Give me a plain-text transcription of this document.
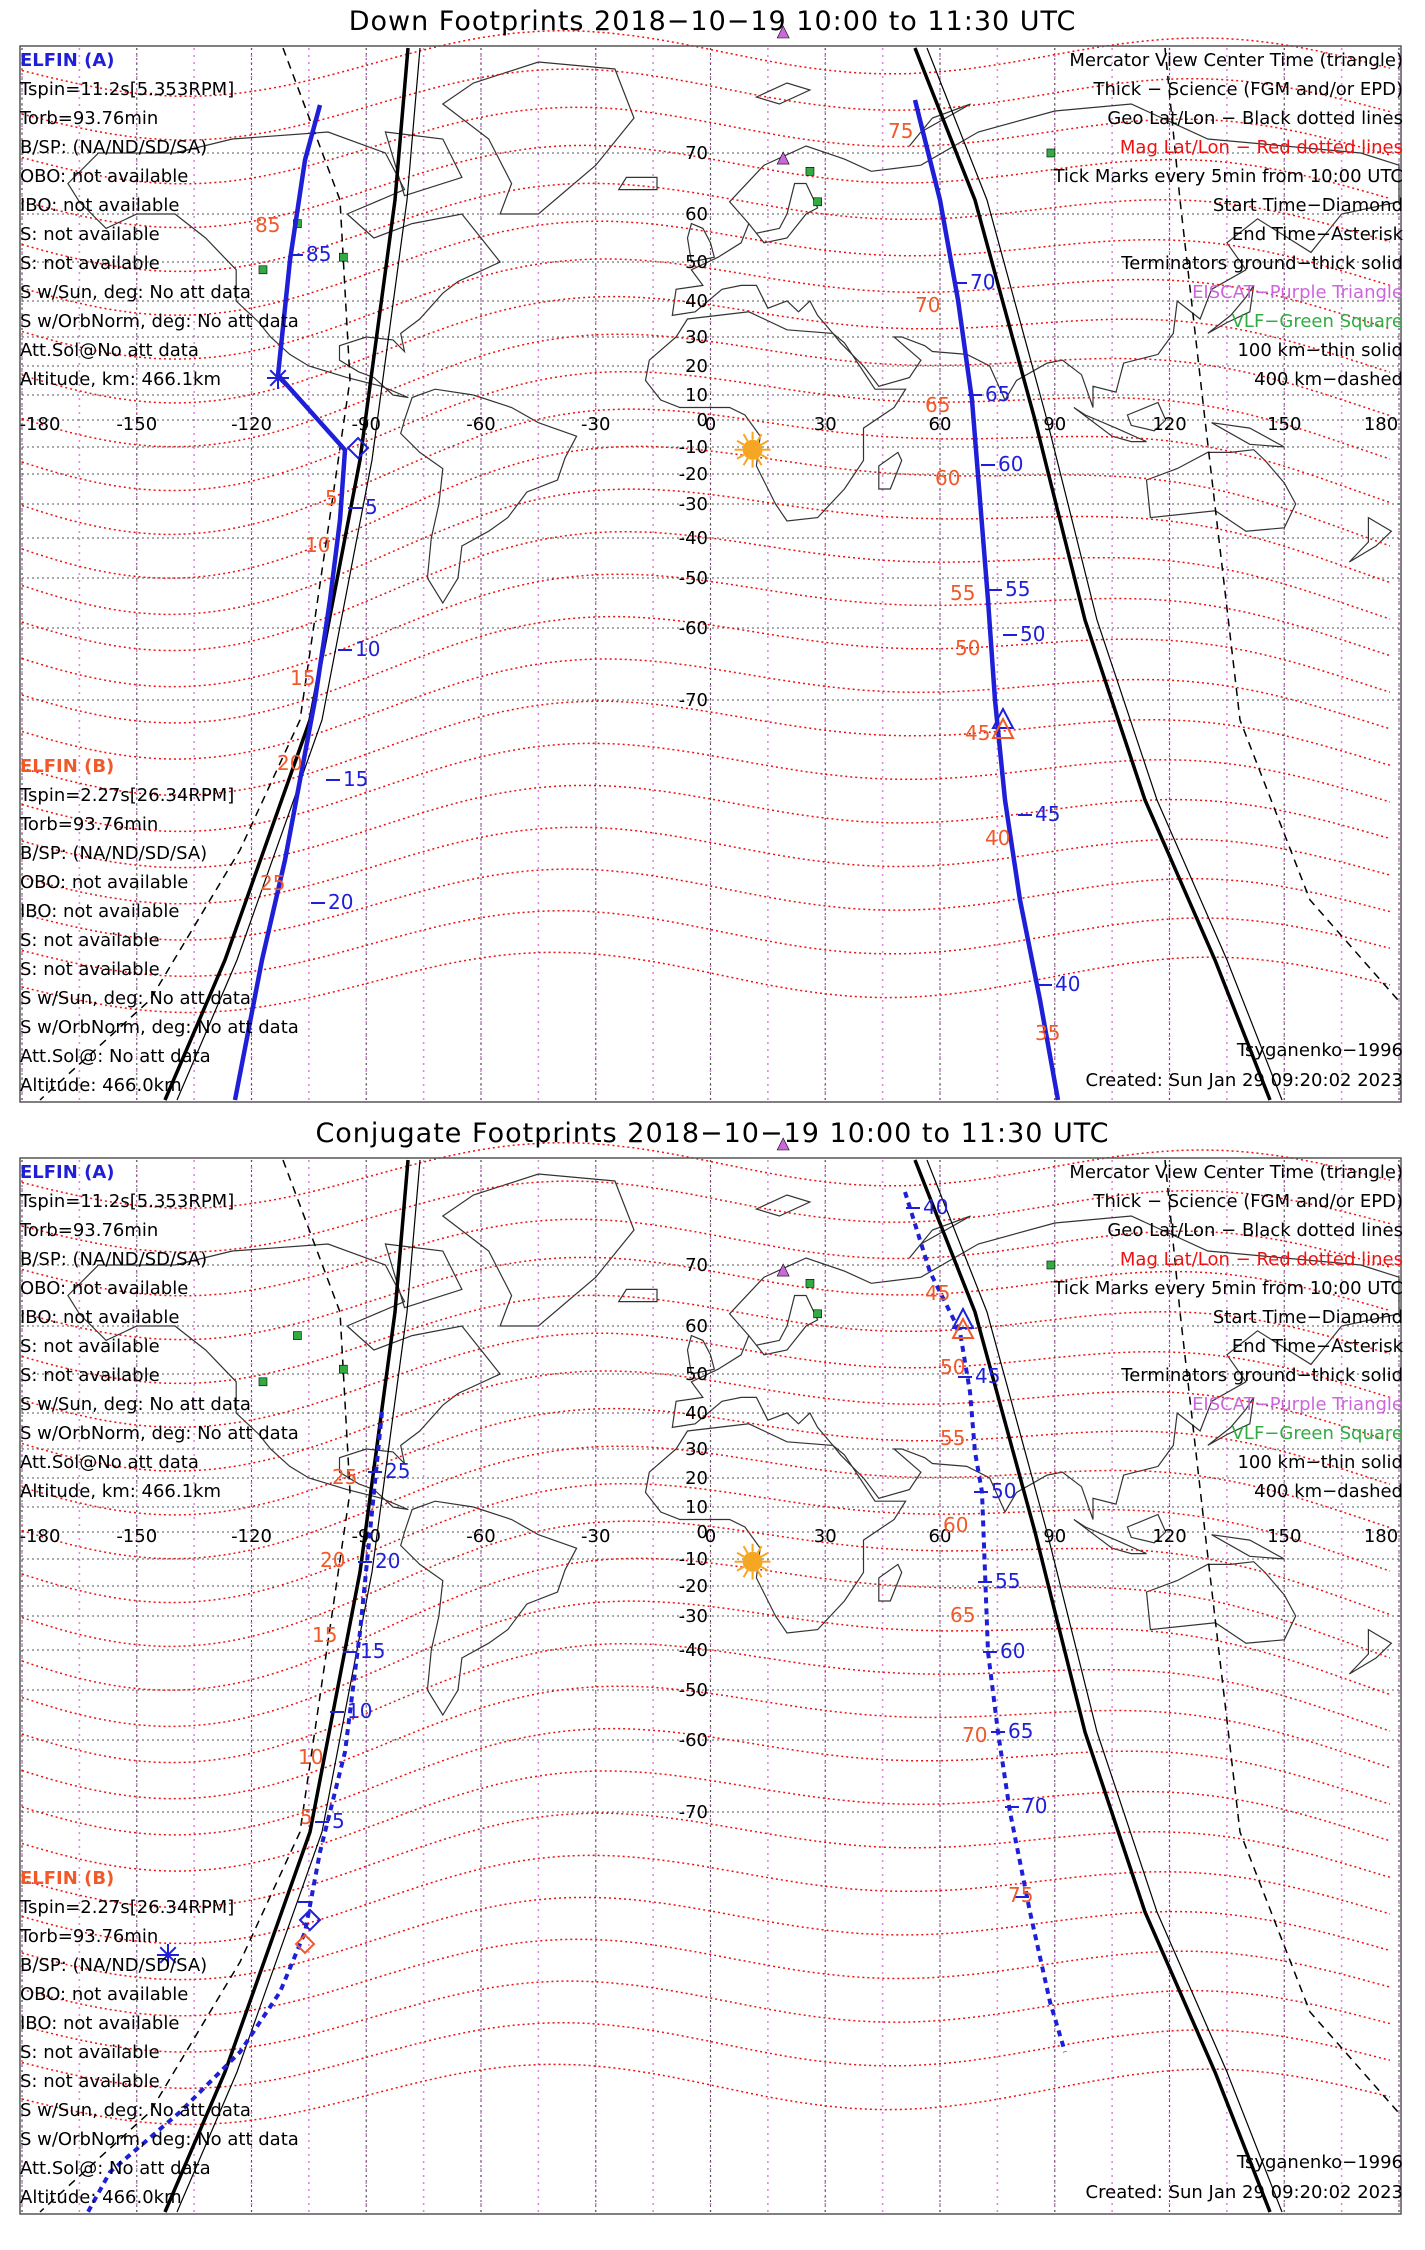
-180	-150	-120	-90	-60	-30	0	30	60	90	120	150	180
70
60
50
40
30
20
10
0
-10
-20
-30
-40
-50
-60
-70
85
5
10
15
20
85
5
10
15
20
25
70
65
60
55
50
45
40
75
70
65
60
55
50
45
40
35
Down Footprints 2018−10−19 10:00 to 11:30 UTC
ELFIN (A)
Tspin=11.2s[5.353RPM]
Torb=93.76min
B/SP: (NA/ND/SD/SA)
OBO: not available
IBO: not available
S: not available
S: not available
S w/Sun, deg: No att data
S w/OrbNorm, deg: No att data
Att.Sol@No att data
Altitude, km: 466.1km
ELFIN (B)
Tspin=2.27s[26.34RPM]
Torb=93.76min
B/SP: (NA/ND/SD/SA)
OBO: not available
IBO: not available
S: not available
S: not available
S w/Sun, deg: No att data
S w/OrbNorm, deg: No att data
Att.Sol@: No att data
Altitude: 466.0km
Mercator View Center Time (triangle)
Thick − Science (FGM and/or EPD)
Geo Lat/Lon − Black dotted lines
Mag Lat/Lon − Red dotted lines
Tick Marks every 5min from 10:00 UTC
Start Time−Diamond
End Time−Asterisk
Terminators ground−thick solid
EISCAT−Purple Triangle
VLF−Green Square
100 km−thin solid
400 km−dashed
Tsyganenko−1996
Created: Sun Jan 29 09:20:02 2023
-180	-150	-120	-90	-60	-30	0	30	60	90	120	150	180
70
60
50
40
30
20
10
0
-10
-20
-30
-40
-50
-60
-70
25
20
15
10
5
25
20
15
10
5
40
45
50
55
60
65
70
45
50
55
60
65
70
75
Conjugate Footprints 2018−10−19 10:00 to 11:30 UTC
ELFIN (A)
Tspin=11.2s[5.353RPM]
Torb=93.76min
B/SP: (NA/ND/SD/SA)
OBO: not available
IBO: not available
S: not available
S: not available
S w/Sun, deg: No att data
S w/OrbNorm, deg: No att data
Att.Sol@No att data
Altitude, km: 466.1km
ELFIN (B)
Tspin=2.27s[26.34RPM]
Torb=93.76min
B/SP: (NA/ND/SD/SA)
OBO: not available
IBO: not available
S: not available
S: not available
S w/Sun, deg: No att data
S w/OrbNorm, deg: No att data
Att.Sol@: No att data
Altitude: 466.0km
Mercator View Center Time (triangle)
Thick − Science (FGM and/or EPD)
Geo Lat/Lon − Black dotted lines
Mag Lat/Lon − Red dotted lines
Tick Marks every 5min from 10:00 UTC
Start Time−Diamond
End Time−Asterisk
Terminators ground−thick solid
EISCAT−Purple Triangle
VLF−Green Square
100 km−thin solid
400 km−dashed
Tsyganenko−1996
Created: Sun Jan 29 09:20:02 2023
